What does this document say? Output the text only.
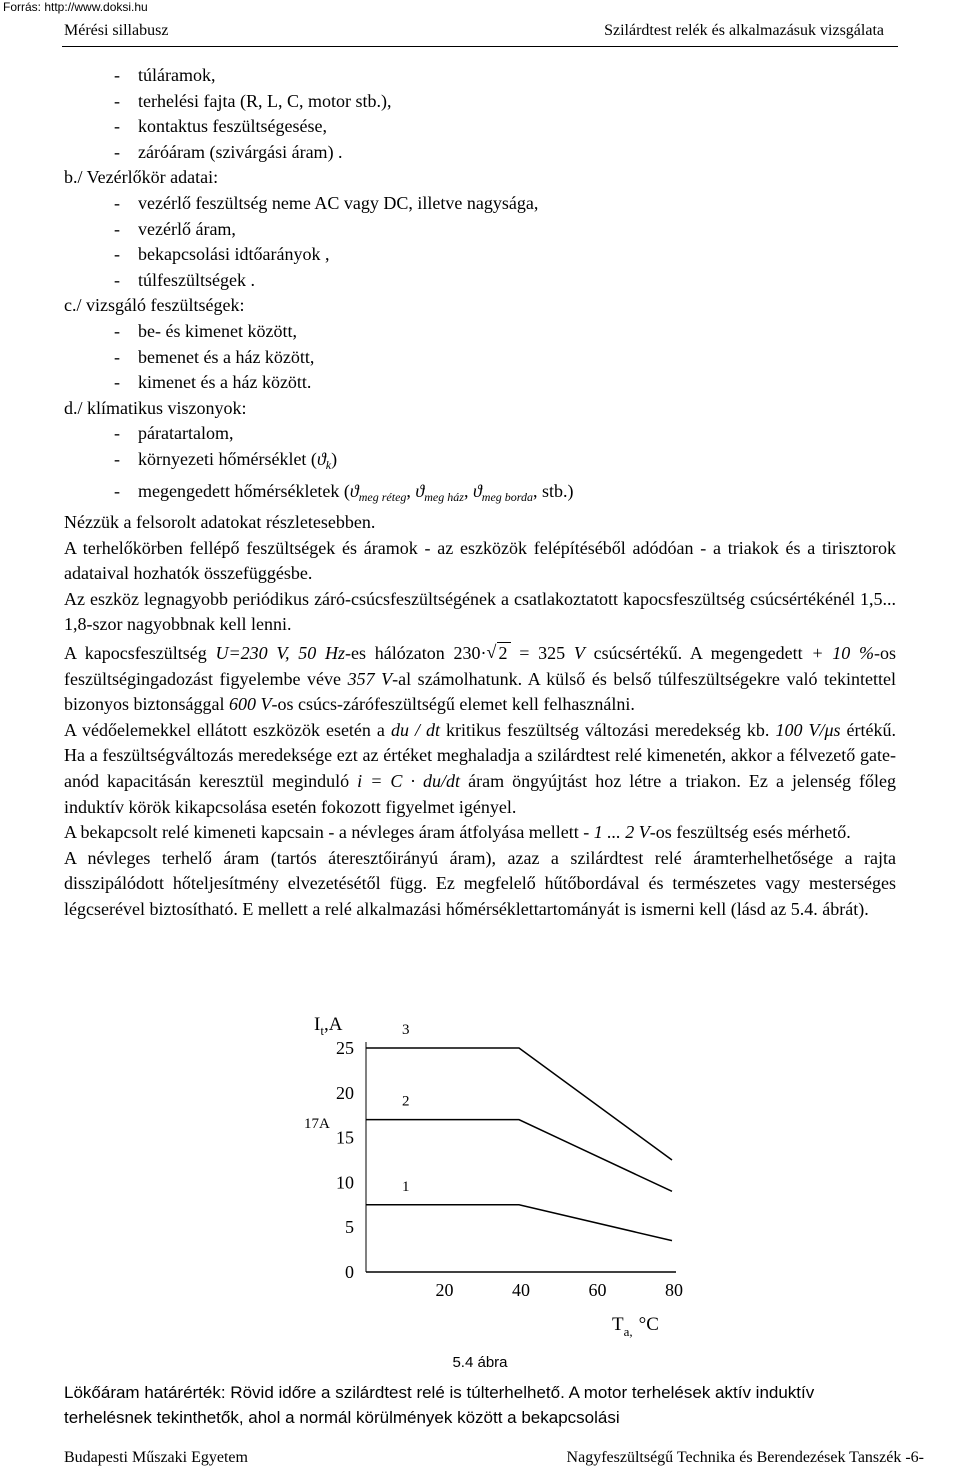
Forrás: http://www.doksi.hu
Mérési sillabusz	Szilárdtest relék és alkalmazásuk vizsgálata
- túláramok,
- terhelési fajta (R, L, C, motor stb.),
- kontaktus feszültségesése,
- záróáram (szivárgási áram) .
b./ Vezérlőkör adatai:
- vezérlő feszültség neme AC vagy DC, illetve nagysága,
- vezérlő áram,
- bekapcsolási idtőarányok ,
- túlfeszültségek .
c./ vizsgáló feszültségek:
- be- és kimenet között,
- bemenet és a ház között,
- kimenet és a ház között.
d./ klímatikus viszonyok:
- páratartalom,
- környezeti hőmérséklet $(ϑ_k)$
- megengedett hőmérsékletek ($ϑ_{meg réteg}$, $ϑ_{meg ház}$, $ϑ_{meg borda}$, stb.)
Nézzük a felsorolt adatokat részletesebben.
A terhelőkörben fellépő feszültségek és áramok - az eszközök felépítéséből adódóan - a triakok és a tirisztorok adataival hozhatók összefüggésbe.
Az eszköz legnagyobb periódikus záró-csúcsfeszültségének a csatlakoztatott kapocsfeszültség csúcsértékénél 1,5... 1,8-szor nagyobbnak kell lenni.
A kapocsfeszültség U=230 V, 50 Hz-es hálózaton 230· √ 2 = 325 V csúcsértékű. A megengedett + 10 %-os feszültségingadozást figyelembe véve 357 V-al számolhatunk. A külső és belső túlfeszültségekre való tekintettel bizonyos biztonsággal 600 V-os csúcs-zárófeszültségű elemet kell felhasználni.
A védőelemekkel ellátott eszközök esetén a du / dt kritikus feszültség változási meredekség kb. 100 V/μs értékű. Ha a feszültségváltozás meredeksége ezt az értéket meghaladja a szilárdtest relé kimenetén, akkor a félvezető gate-anód kapacitásán keresztül meginduló i = C · du/dt áram öngyújtást hoz létre a triakon. Ez a jelenség főleg induktív körök kikapcsolása esetén fokozott figyelmet igényel.
A bekapcsolt relé kimeneti kapcsain - a névleges áram átfolyása mellett - 1 ... 2 V-os feszültség esés mérhető.
A névleges terhelő áram (tartós áteresztőirányú áram), azaz a szilárdtest relé áramterhelhetősége a rajta disszipálódott hőteljesítmény elvezetésétől függ. Ez megfelelő hűtőbordával és természetes vagy mesterséges légcserével biztosítható. E mellett a relé alkalmazási hőmérséklettartományát is ismerni kell (lásd az 5.4. ábrát).
$I_t,A$
$T_{a,}$ °C
17A
25
20
15
10
5
0
20	40	60	80
3
2
1
5.4 ábra
Lökőáram határérték: Rövid időre a szilárdtest relé is túlterhelhető. A motor terhelések aktív induktív terhelésnek tekinthetők, ahol a normál körülmények között a bekapcsolási
Budapesti Műszaki Egyetem	Nagyfeszültségű Technika és Berendezések Tanszék -6-
